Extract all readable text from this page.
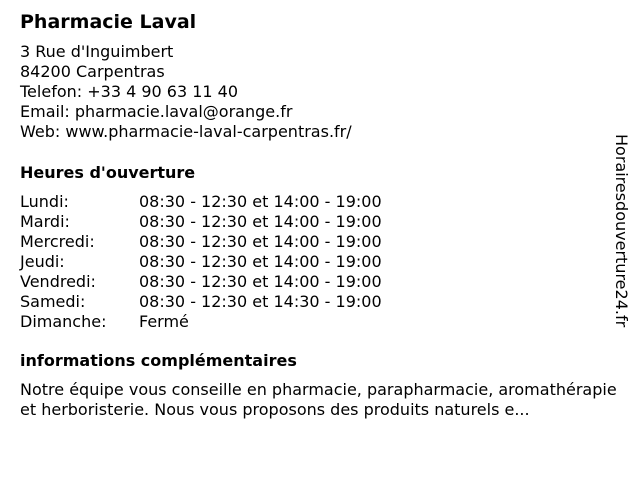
Pharmacie Laval
3 Rue d'Inguimbert
84200 Carpentras
Telefon: +33 4 90 63 11 40
Email: pharmacie.laval@orange.fr
Web: www.pharmacie-laval-carpentras.fr/
Heures d'ouverture
Lundi:	08:30 - 12:30 et 14:00 - 19:00
Mardi:	08:30 - 12:30 et 14:00 - 19:00
Mercredi:	08:30 - 12:30 et 14:00 - 19:00
Jeudi:	08:30 - 12:30 et 14:00 - 19:00
Vendredi:	08:30 - 12:30 et 14:00 - 19:00
Samedi:	08:30 - 12:30 et 14:30 - 19:00
Dimanche:	Fermé
informations complémentaires
Notre équipe vous conseille en pharmacie, parapharmacie, aromathérapie et herboristerie. Nous vous proposons des produits naturels e...
Horairesdouverture24.fr
